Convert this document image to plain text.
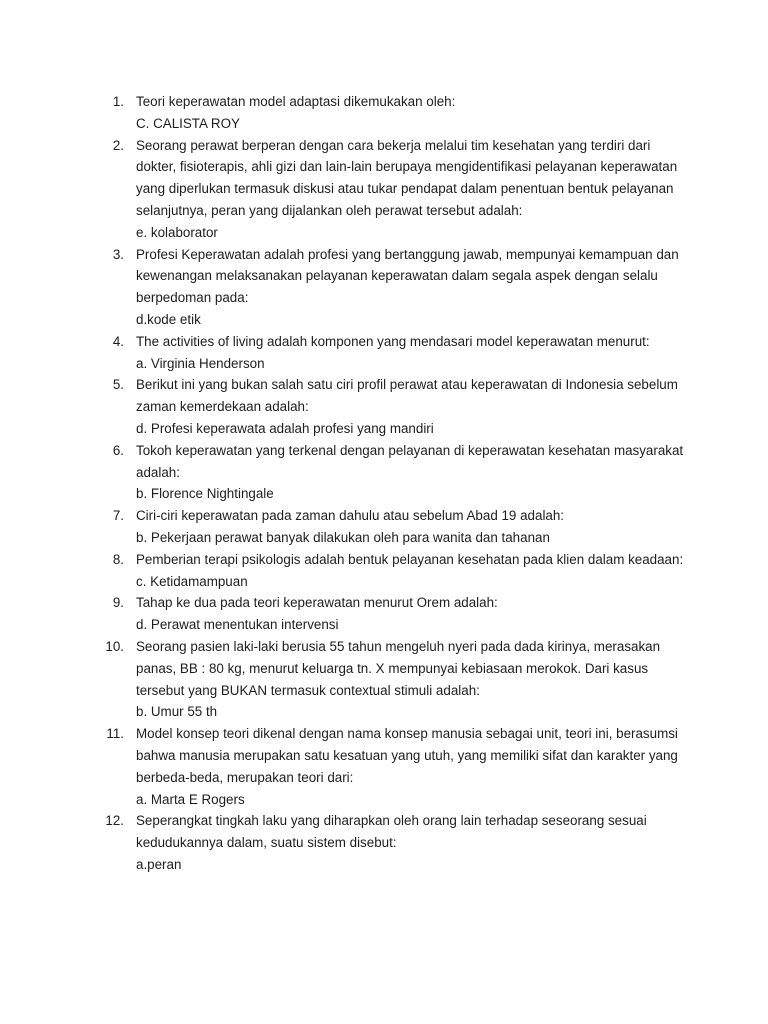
1. Teori keperawatan model adaptasi dikemukakan oleh:
C. CALISTA ROY
2. Seorang perawat berperan dengan cara bekerja melalui tim kesehatan yang terdiri dari dokter, fisioterapis, ahli gizi dan lain-lain berupaya mengidentifikasi pelayanan keperawatan yang diperlukan termasuk diskusi atau tukar pendapat dalam penentuan bentuk pelayanan selanjutnya, peran yang dijalankan oleh perawat tersebut adalah:
e. kolaborator
3. Profesi Keperawatan adalah profesi yang bertanggung jawab, mempunyai kemampuan dan kewenangan melaksanakan pelayanan keperawatan dalam segala aspek dengan selalu berpedoman pada:
d.kode etik
4. The activities of living adalah komponen yang mendasari model keperawatan menurut:
a. Virginia Henderson
5. Berikut ini yang bukan salah satu ciri profil perawat atau keperawatan di Indonesia sebelum zaman kemerdekaan adalah:
d. Profesi keperawata adalah profesi yang mandiri
6. Tokoh keperawatan yang terkenal dengan pelayanan di keperawatan kesehatan masyarakat adalah:
b. Florence Nightingale
7. Ciri-ciri keperawatan pada zaman dahulu atau sebelum Abad 19 adalah:
b. Pekerjaan perawat banyak dilakukan oleh para wanita dan tahanan
8. Pemberian terapi psikologis adalah bentuk pelayanan kesehatan pada klien dalam keadaan:
c. Ketidamampuan
9. Tahap ke dua pada teori keperawatan menurut Orem adalah:
d. Perawat menentukan intervensi
10. Seorang pasien laki-laki berusia 55 tahun mengeluh nyeri pada dada kirinya, merasakan panas, BB : 80 kg, menurut keluarga tn. X mempunyai kebiasaan merokok. Dari kasus tersebut yang BUKAN termasuk contextual stimuli adalah:
b. Umur 55 th
11. Model konsep teori dikenal dengan nama konsep manusia sebagai unit, teori ini, berasumsi bahwa manusia merupakan satu kesatuan yang utuh, yang memiliki sifat dan karakter yang berbeda-beda, merupakan teori dari:
a. Marta E Rogers
12. Seperangkat tingkah laku yang diharapkan oleh orang lain terhadap seseorang sesuai kedudukannya dalam, suatu sistem disebut:
a.peran
